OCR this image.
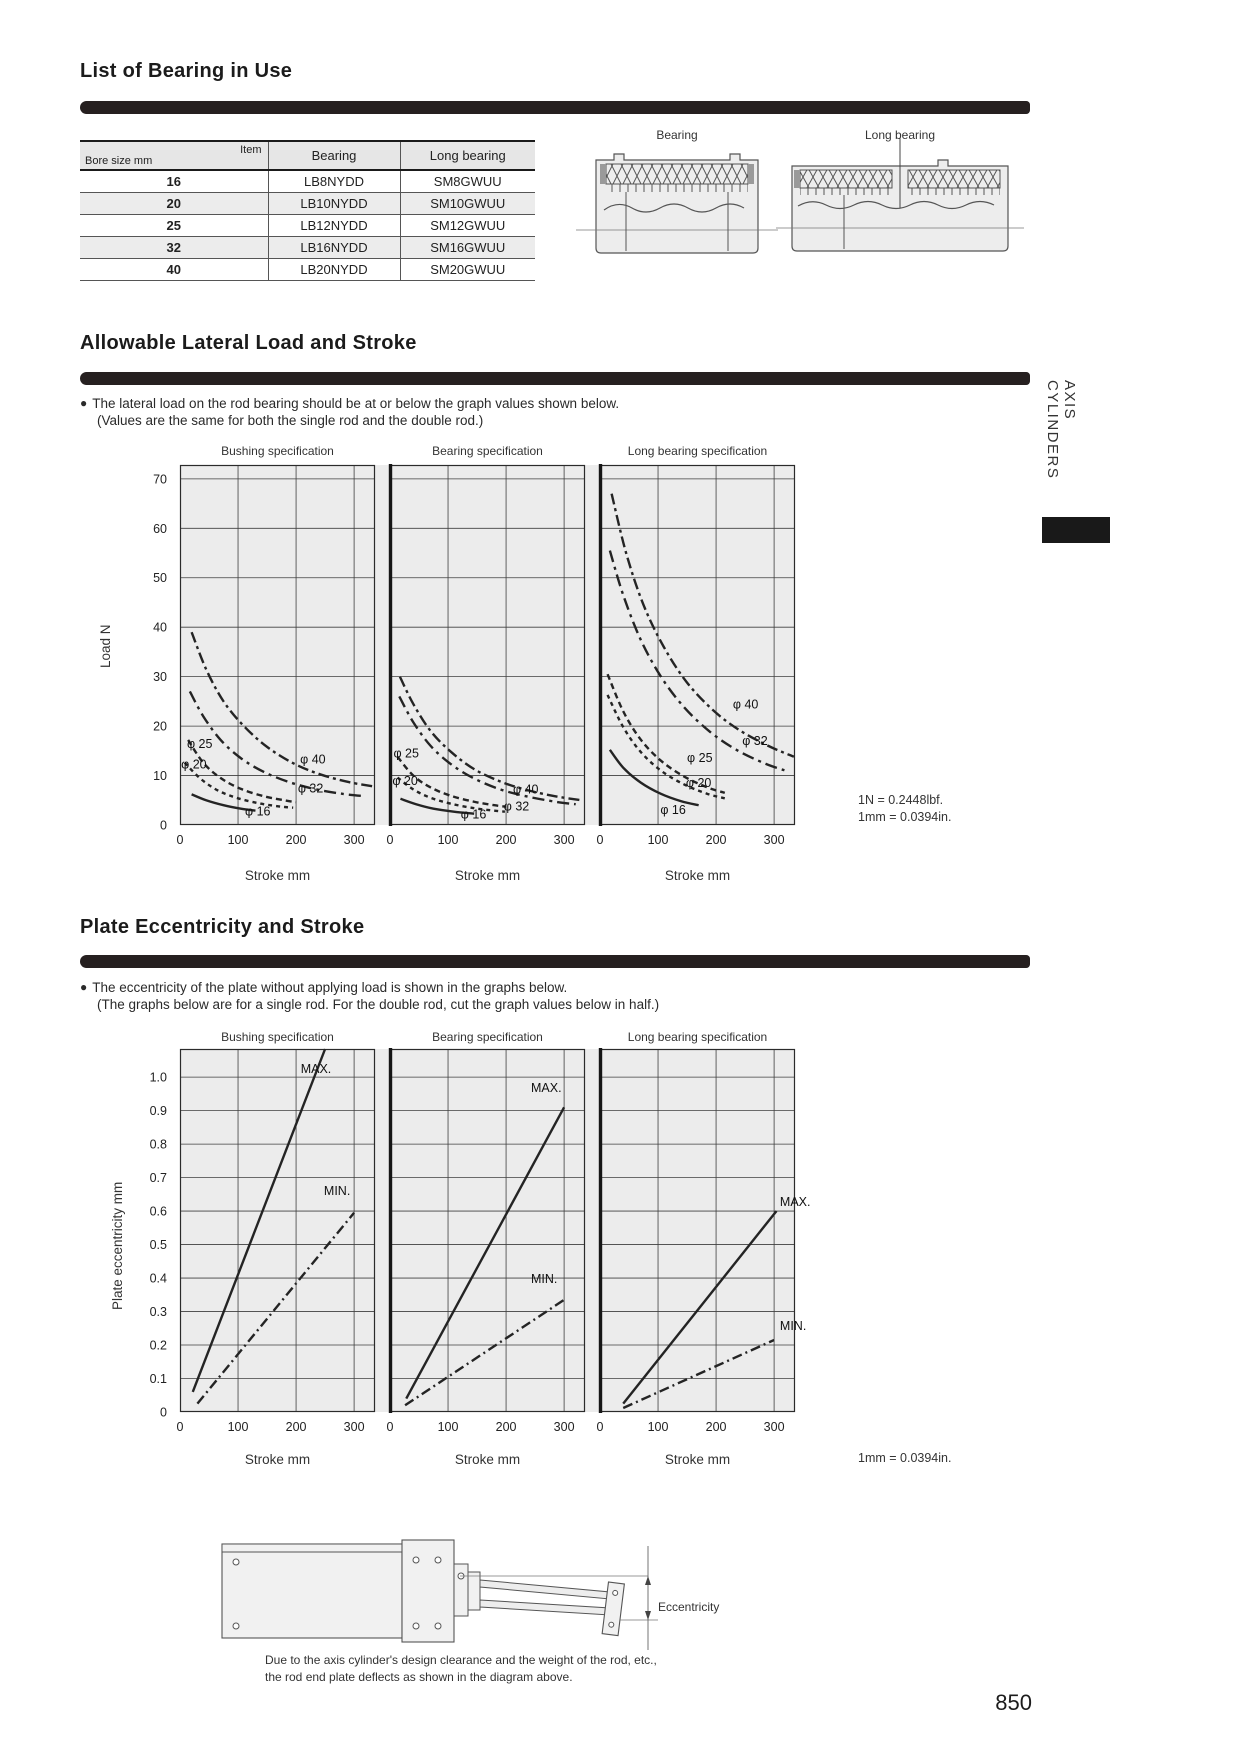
List of Bearing in Use
Item
Bore size mm	Bearing	Long bearing
16	LB8NYDD	SM8GWUU
20	LB10NYDD	SM10GWUU
25	LB12NYDD	SM12GWUU
32	LB16NYDD	SM16GWUU
40	LB20NYDD	SM20GWUU
Bearing	Long bearing
Allowable Lateral Load and Stroke
● The lateral load on the rod bearing should be at or below the graph values shown below.
(Values are the same for both the single rod and the double rod.)
Load N
Bushing specification	Bearing specification	Long bearing specification
φ 25
φ 20	φ 40
φ 32
φ 16
0	100	200	300
0
10
20
30
40
50
60
70
φ 25
φ 20
φ 40
φ 32
φ 16
0	100	200	300
φ 40
φ 32
φ 25
φ 20
φ 16
0	100	200	300
Stroke mm	Stroke mm	Stroke mm
1N = 0.2448lbf.
1mm = 0.0394in.
Plate Eccentricity and Stroke
● The eccentricity of the plate without applying load is shown in the graphs below.
(The graphs below are for a single rod. For the double rod, cut the graph values below in half.)
Plate eccentricity mm
Bushing specification	Bearing specification	Long bearing specification
MAX.
MIN.
0	100	200	300
0
0.1
0.2
0.3
0.4
0.5
0.6
0.7
0.8
0.9
1.0
MAX.
MIN.
0	100	200	300
MAX.
MIN.
0	100	200	300
Stroke mm	Stroke mm	Stroke mm	1mm = 0.0394in.
Eccentricity
Due to the axis cylinder's design clearance and the weight of the rod, etc.,
the rod end plate deflects as shown in the diagram above.
AXIS CYLINDERS
850
